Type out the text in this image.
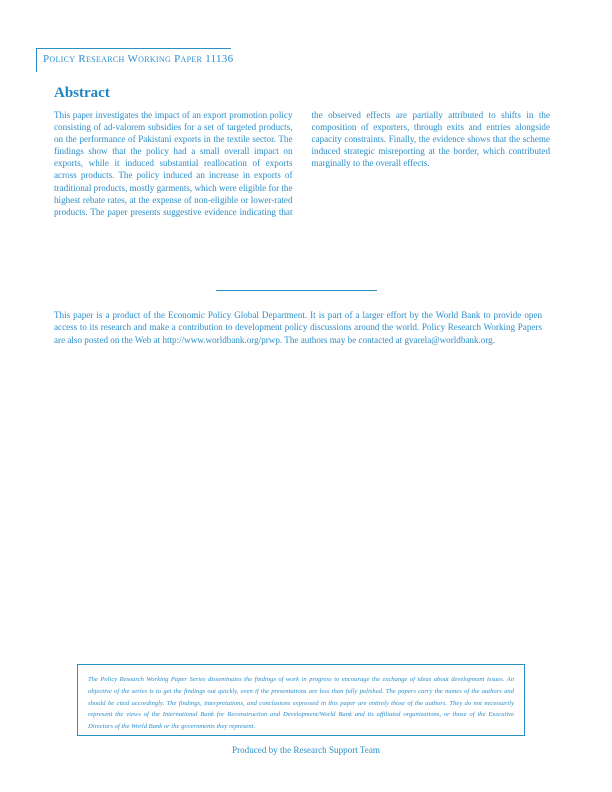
Policy Research Working Paper 11136
Abstract

This paper investigates the impact of an export promotion policy consisting of ad-valorem subsidies for a set of targeted products, on the performance of Pakistani exports in the textile sector. The findings show that the policy had a small overall impact on exports, while it induced substantial reallocation of exports across products. The policy induced an increase in exports of traditional products, mostly garments, which were eligible for the highest rebate rates, at the expense of non-eligible or lower-rated products. The paper presents suggestive evidence indicating that the observed effects are partially attributed to shifts in the composition of exporters, through exits and entries alongside capacity constraints. Finally, the evidence shows that the scheme induced strategic misreporting at the border, which contributed marginally to the overall effects.

This paper is a product of the Economic Policy Global Department. It is part of a larger effort by the World Bank to provide open access to its research and make a contribution to development policy discussions around the world. Policy Research Working Papers are also posted on the Web at http://www.worldbank.org/prwp. The authors may be contacted at gvarela@worldbank.org.

The Policy Research Working Paper Series disseminates the findings of work in progress to encourage the exchange of ideas about development issues. An objective of the series is to get the findings out quickly, even if the presentations are less than fully polished. The papers carry the names of the authors and should be cited accordingly. The findings, interpretations, and conclusions expressed in this paper are entirely those of the authors. They do not necessarily represent the views of the International Bank for Reconstruction and Development/World Bank and its affiliated organizations, or those of the Executive Directors of the World Bank or the governments they represent.

Produced by the Research Support Team
